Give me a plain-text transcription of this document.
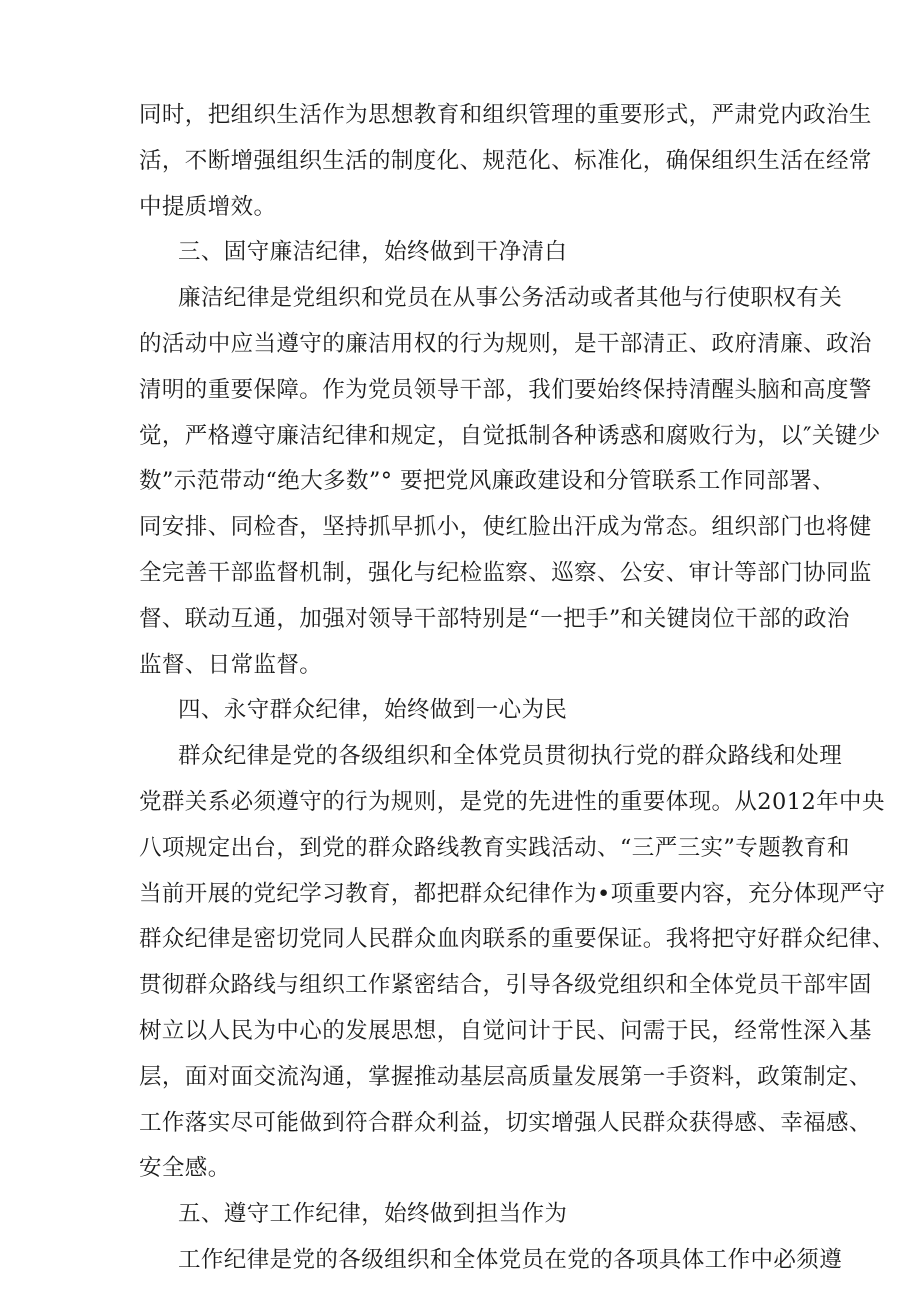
同时，把组织生活作为思想教育和组织管理的重要形式，严肃党内政治生
活，不断增强组织生活的制度化、规范化、标准化，确保组织生活在经常
中提质增效。
三、固守廉洁纪律，始终做到干净清白
廉洁纪律是党组织和党员在从事公务活动或者其他与行使职权有关
的活动中应当遵守的廉洁用权的行为规则，是干部清正、政府清廉、政治
清明的重要保障。作为党员领导干部，我们要始终保持清醒头脑和高度警
觉，严格遵守廉洁纪律和规定，自觉抵制各种诱惑和腐败行为，以″关键少
数”示范带动“绝大多数”° 要把党风廉政建设和分管联系工作同部署、
同安排、同检杳，坚持抓早抓小，使红脸出汗成为常态。组织部门也将健
全完善干部监督机制，强化与纪检监察、巡察、公安、审计等部门协同监
督、联动互通，加强对领导干部特别是“一把手”和关键岗位干部的政治
监督、日常监督。
四、永守群众纪律，始终做到一心为民
群众纪律是党的各级组织和全体党员贯彻执行党的群众路线和处理
党群关系必须遵守的行为规则，是党的先进性的重要体现。从2012年中央
八项规定出台，到党的群众路线教育实践活动、“三严三实”专题教育和
当前开展的党纪学习教育，都把群众纪律作为•项重要内容，充分体现严守
群众纪律是密切党同人民群众血肉联系的重要保证。我将把守好群众纪律、
贯彻群众路线与组织工作紧密结合，引导各级党组织和全体党员干部牢固
树立以人民为中心的发展思想，自觉问计于民、问需于民，经常性深入基
层，面对面交流沟通，掌握推动基层高质量发展第一手资料，政策制定、
工作落实尽可能做到符合群众利益，切实增强人民群众获得感、幸福感、
安全感。
五、遵守工作纪律，始终做到担当作为
工作纪律是党的各级组织和全体党员在党的各项具体工作中必须遵
